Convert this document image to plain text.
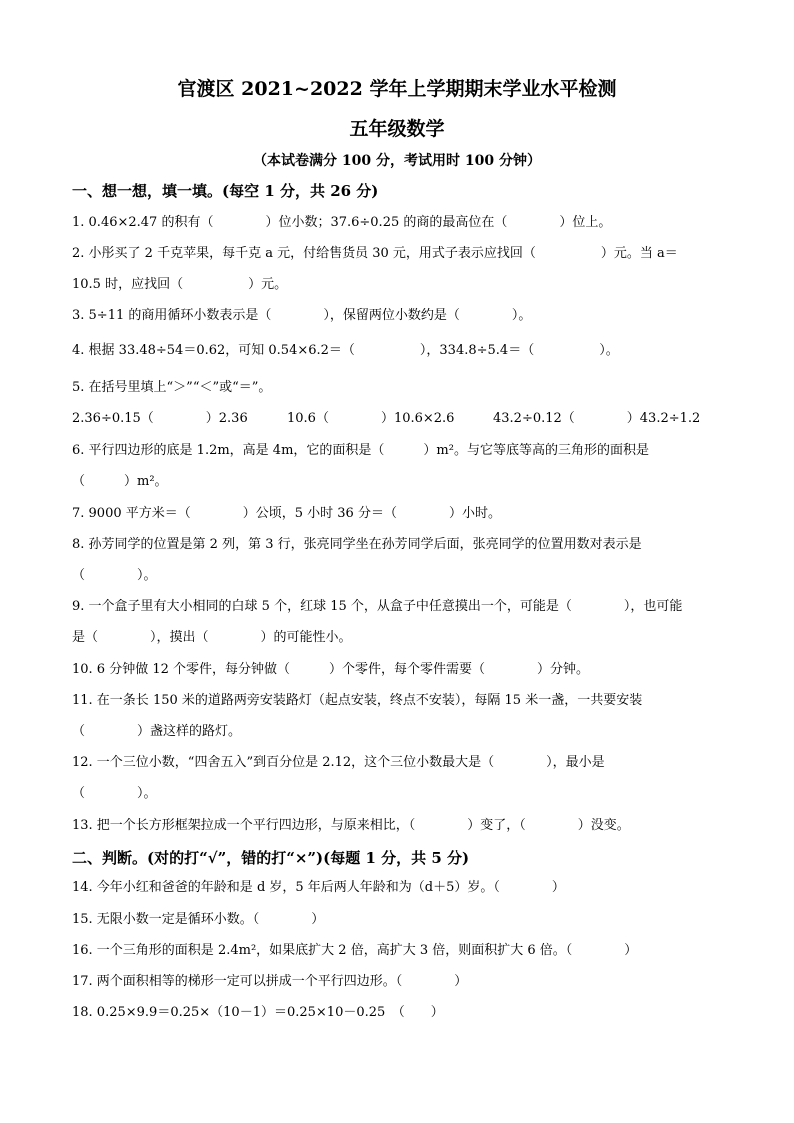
官渡区 2021~2022 学年上学期期末学业水平检测
五年级数学
（本试卷满分 100 分，考试用时 100 分钟）
一、想一想，填一填。(每空 1 分，共 26 分)
1. 0.46×2.47 的积有（　　　　）位小数；37.6÷0.25 的商的最高位在（　　　　）位上。
2. 小彤买了 2 千克苹果，每千克 a 元，付给售货员 30 元，用式子表示应找回（　　　　　）元。当 a＝
10.5 时，应找回（　　　　　）元。
3. 5÷11 的商用循环小数表示是（　　　　），保留两位小数约是（　　　　）。
4. 根据 33.48÷54＝0.62，可知 0.54×6.2＝（　　　　　），334.8÷5.4＝（　　　　　）。
5. 在括号里填上“＞”“＜”或“＝”。
2.36÷0.15（　　　　）2.36	10.6（　　　　）10.6×2.6	43.2÷0.12（　　　　）43.2÷1.2
6. 平行四边形的底是 1.2m，高是 4m，它的面积是（　　　）m²。与它等底等高的三角形的面积是
（　　　）m²。
7. 9000 平方米＝（　　　　）公顷，5 小时 36 分＝（　　　　）小时。
8. 孙芳同学的位置是第 2 列，第 3 行，张亮同学坐在孙芳同学后面，张亮同学的位置用数对表示是
（　　　　）。
9. 一个盒子里有大小相同的白球 5 个，红球 15 个，从盒子中任意摸出一个，可能是（　　　　），也可能
是（　　　　），摸出（　　　　）的可能性小。
10. 6 分钟做 12 个零件，每分钟做（　　　）个零件，每个零件需要（　　　　）分钟。
11. 在一条长 150 米的道路两旁安装路灯（起点安装，终点不安装），每隔 15 米一盏，一共要安装
（　　　　）盏这样的路灯。
12. 一个三位小数，“四舍五入”到百分位是 2.12，这个三位小数最大是（　　　　），最小是
（　　　　）。
13. 把一个长方形框架拉成一个平行四边形，与原来相比，（　　　　）变了，（　　　　）没变。
二、判断。(对的打“√”，错的打“×”)(每题 1 分，共 5 分)
14. 今年小红和爸爸的年龄和是 d 岁，5 年后两人年龄和为（d＋5）岁。（　　　　）
15. 无限小数一定是循环小数。（　　　　）
16. 一个三角形的面积是 2.4m²，如果底扩大 2 倍，高扩大 3 倍，则面积扩大 6 倍。（　　　　）
17. 两个面积相等的梯形一定可以拼成一个平行四边形。（　　　　）
18. 0.25×9.9＝0.25×（10－1）＝0.25×10－0.25　（　　）
